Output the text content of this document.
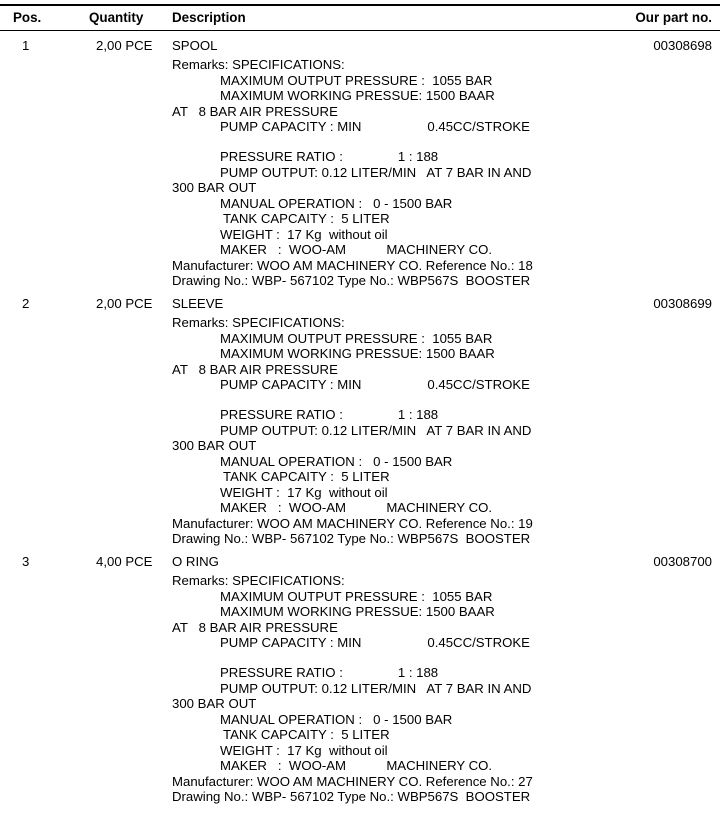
Pos.	Quantity Description	Our part no.
1	2,00 PCE SPOOL	00308698
Remarks: SPECIFICATIONS:
MAXIMUM OUTPUT PRESSURE :  1055 BAR
MAXIMUM WORKING PRESSUE: 1500 BAAR
AT   8 BAR AIR PRESSURE
PUMP CAPACITY : MIN                  0.45CC/STROKE
PRESSURE RATIO :               1 : 188
PUMP OUTPUT: 0.12 LITER/MIN   AT 7 BAR IN AND
300 BAR OUT
MANUAL OPERATION :   0 - 1500 BAR
TANK CAPCAITY :  5 LITER
WEIGHT :  17 Kg  without oil
MAKER   :  WOO-AM           MACHINERY CO.
Manufacturer: WOO AM MACHINERY CO. Reference No.: 18
Drawing No.: WBP- 567102 Type No.: WBP567S  BOOSTER
2	2,00 PCE SLEEVE	00308699
Remarks: SPECIFICATIONS:
MAXIMUM OUTPUT PRESSURE :  1055 BAR
MAXIMUM WORKING PRESSUE: 1500 BAAR
AT   8 BAR AIR PRESSURE
PUMP CAPACITY : MIN                  0.45CC/STROKE
PRESSURE RATIO :               1 : 188
PUMP OUTPUT: 0.12 LITER/MIN   AT 7 BAR IN AND
300 BAR OUT
MANUAL OPERATION :   0 - 1500 BAR
TANK CAPCAITY :  5 LITER
WEIGHT :  17 Kg  without oil
MAKER   :  WOO-AM           MACHINERY CO.
Manufacturer: WOO AM MACHINERY CO. Reference No.: 19
Drawing No.: WBP- 567102 Type No.: WBP567S  BOOSTER
3	4,00 PCE O RING	00308700
Remarks: SPECIFICATIONS:
MAXIMUM OUTPUT PRESSURE :  1055 BAR
MAXIMUM WORKING PRESSUE: 1500 BAAR
AT   8 BAR AIR PRESSURE
PUMP CAPACITY : MIN                  0.45CC/STROKE
PRESSURE RATIO :               1 : 188
PUMP OUTPUT: 0.12 LITER/MIN   AT 7 BAR IN AND
300 BAR OUT
MANUAL OPERATION :   0 - 1500 BAR
TANK CAPCAITY :  5 LITER
WEIGHT :  17 Kg  without oil
MAKER   :  WOO-AM           MACHINERY CO.
Manufacturer: WOO AM MACHINERY CO. Reference No.: 27
Drawing No.: WBP- 567102 Type No.: WBP567S  BOOSTER
